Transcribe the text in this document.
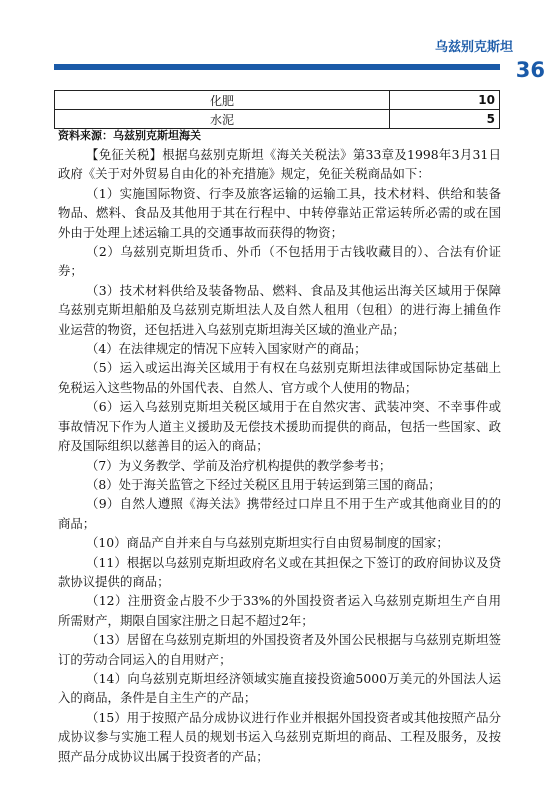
乌兹别克斯坦
36
化肥	10
水泥	5
资料来源：乌兹别克斯坦海关

【免征关税】根据乌兹别克斯坦《海关关税法》第33章及1998年3月31日政府《关于对外贸易自由化的补充措施》规定，免征关税商品如下：

（1）实施国际物资、行李及旅客运输的运输工具，技术材料、供给和装备物品、燃料、食品及其他用于其在行程中、中转停靠站正常运转所必需的或在国外由于处理上述运输工具的交通事故而获得的物资；

（2）乌兹别克斯坦货币、外币（不包括用于古钱收藏目的）、合法有价证券；

（3）技术材料供给及装备物品、燃料、食品及其他运出海关区域用于保障乌兹别克斯坦船舶及乌兹别克斯坦法人及自然人租用（包租）的进行海上捕鱼作业运营的物资，还包括进入乌兹别克斯坦海关区域的渔业产品；

（4）在法律规定的情况下应转入国家财产的商品；

（5）运入或运出海关区域用于有权在乌兹别克斯坦法律或国际协定基础上免税运入这些物品的外国代表、自然人、官方或个人使用的物品；

（6）运入乌兹别克斯坦关税区域用于在自然灾害、武装冲突、不幸事件或事故情况下作为人道主义援助及无偿技术援助而提供的商品，包括一些国家、政府及国际组织以慈善目的运入的商品；

（7）为义务教学、学前及治疗机构提供的教学参考书；

（8）处于海关监管之下经过关税区且用于转运到第三国的商品；

（9）自然人遵照《海关法》携带经过口岸且不用于生产或其他商业目的的商品；

（10）商品产自并来自与乌兹别克斯坦实行自由贸易制度的国家；

（11）根据以乌兹别克斯坦政府名义或在其担保之下签订的政府间协议及贷款协议提供的商品；

（12）注册资金占股不少于33%的外国投资者运入乌兹别克斯坦生产自用所需财产，期限自国家注册之日起不超过2年；

（13）居留在乌兹别克斯坦的外国投资者及外国公民根据与乌兹别克斯坦签订的劳动合同运入的自用财产；

（14）向乌兹别克斯坦经济领域实施直接投资逾5000万美元的外国法人运入的商品，条件是自主生产的产品；

（15）用于按照产品分成协议进行作业并根据外国投资者或其他按照产品分成协议参与实施工程人员的规划书运入乌兹别克斯坦的商品、工程及服务，及按照产品分成协议出属于投资者的产品；
